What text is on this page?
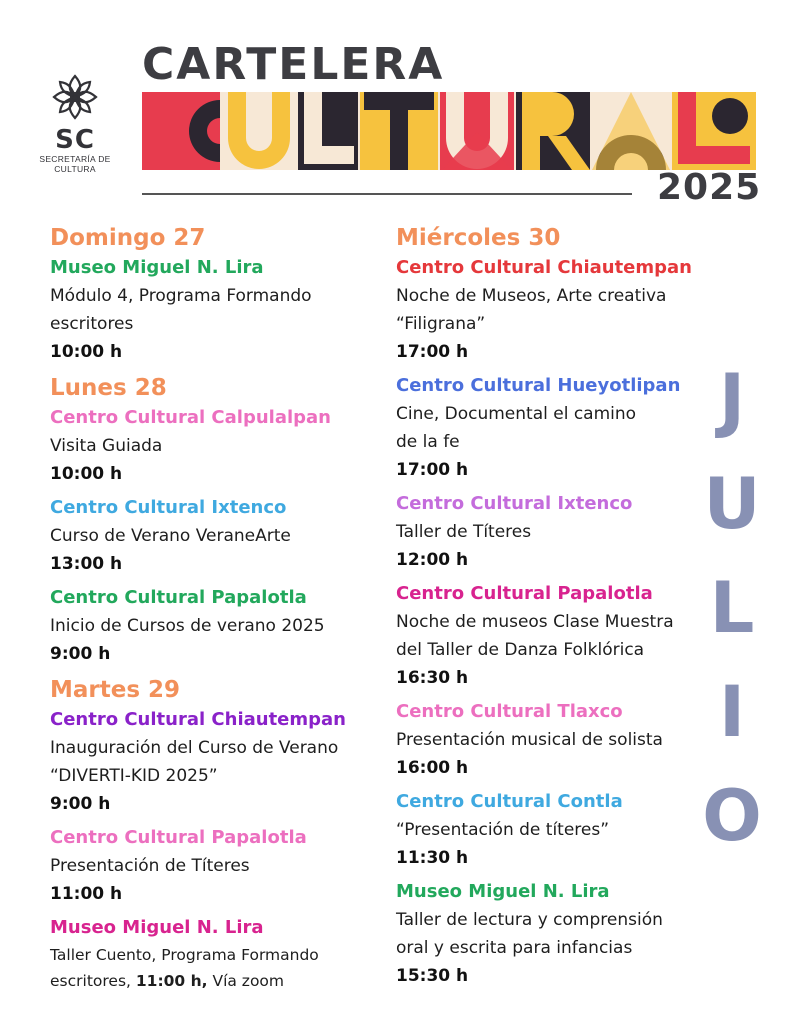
SC
SECRETARÍA DE
CULTURA
CARTELERA
2025
J
U
L
I
O
Domingo 27
Museo Miguel N. Lira
Módulo 4, Programa Formando
escritores
10:00 h
Lunes 28
Centro Cultural Calpulalpan
Visita Guiada
10:00 h
Centro Cultural Ixtenco
Curso de Verano VeraneArte
13:00 h
Centro Cultural Papalotla
Inicio de Cursos de verano 2025
9:00 h
Martes 29
Centro Cultural Chiautempan
Inauguración del Curso de Verano
“DIVERTI-KID 2025”
9:00 h
Centro Cultural Papalotla
Presentación de Títeres
11:00 h
Museo Miguel N. Lira
Taller Cuento, Programa Formando
escritores, 11:00 h, Vía zoom
Miércoles 30
Centro Cultural Chiautempan
Noche de Museos, Arte creativa
“Filigrana”
17:00 h
Centro Cultural Hueyotlipan
Cine, Documental el camino
de la fe
17:00 h
Centro Cultural Ixtenco
Taller de Títeres
12:00 h
Centro Cultural Papalotla
Noche de museos Clase Muestra
del Taller de Danza Folklórica
16:30 h
Centro Cultural Tlaxco
Presentación musical de solista
16:00 h
Centro Cultural Contla
“Presentación de títeres”
11:30 h
Museo Miguel N. Lira
Taller de lectura y comprensión
oral y escrita para infancias
15:30 h
